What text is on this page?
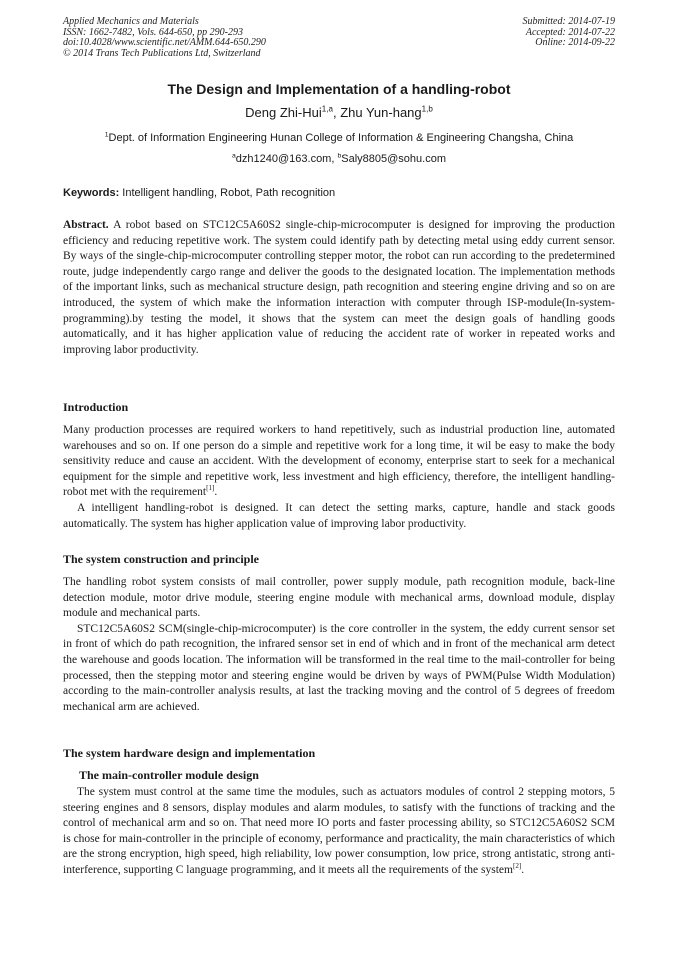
Applied Mechanics and Materials
ISSN: 1662-7482, Vols. 644-650, pp 290-293
doi:10.4028/www.scientific.net/AMM.644-650.290
© 2014 Trans Tech Publications Ltd, Switzerland
Submitted: 2014-07-19
Accepted: 2014-07-22
Online: 2014-09-22
The Design and Implementation of a handling-robot
Deng Zhi-Hui$^{1,a}$, Zhu Yun-hang$^{1,b}$
$^1$Dept. of Information Engineering Hunan College of Information & Engineering Changsha, China
$^a$dzh1240@163.com, $^b$Saly8805@sohu.com
Keywords: Intelligent handling, Robot, Path recognition

Abstract. A robot based on STC12C5A60S2 single-chip-microcomputer is designed for improving the production efficiency and reducing repetitive work. The system could identify path by detecting metal using eddy current sensor. By ways of the single-chip-microcomputer controlling stepper motor, the robot can run according to the predetermined route, judge independently cargo range and deliver the goods to the designated location. The implementation methods of the important links, such as mechanical structure design, path recognition and steering engine driving and so on are introduced, the system of which make the information interaction with computer through ISP-module(In-system-programming).by testing the model, it shows that the system can meet the design goals of handling goods automatically, and it has higher application value of reducing the accident rate of worker in repeated works and improving labor productivity.

Introduction

Many production processes are required workers to hand repetitively, such as industrial production line, automated warehouses and so on. If one person do a simple and repetitive work for a long time, it wil be easy to make the body sensitivity reduce and cause an accident. With the development of economy, enterprise start to seek for a mechanical equipment for the simple and repetitive work, less investment and high efficiency, therefore, the intelligent handling-robot met with the requirement[1].

A intelligent handling-robot is designed. It can detect the setting marks, capture, handle and stack goods automatically. The system has higher application value of improving labor productivity.

The system construction and principle

The handling robot system consists of mail controller, power supply module, path recognition module, back-line detection module, motor drive module, steering engine module with mechanical arms, download module, display module and mechanical parts.

STC12C5A60S2 SCM(single-chip-microcomputer) is the core controller in the system, the eddy current sensor set in front of which do path recognition, the infrared sensor set in end of which and in front of the mechanical arm detect the warehouse and goods location. The information will be transformed in the real time to the mail-controller for being processed, then the stepping motor and steering engine would be driven by ways of PWM(Pulse Width Modulation) according to the main-controller analysis results, at last the tracking moving and the control of 5 degrees of freedom mechanical arm are achieved.

The system hardware design and implementation
The main-controller module design

The system must control at the same time the modules, such as actuators modules of control 2 stepping motors, 5 steering engines and 8 sensors, display modules and alarm modules, to satisfy with the functions of tracking and the control of mechanical arm and so on. That need more IO ports and faster processing ability, so STC12C5A60S2 SCM is chose for main-controller in the principle of economy, performance and practicality, the main characteristics of which are the strong encryption, high speed, high reliability, low power consumption, low price, strong antistatic, strong anti-interference, supporting C language programming, and it meets all the requirements of the system[2].
